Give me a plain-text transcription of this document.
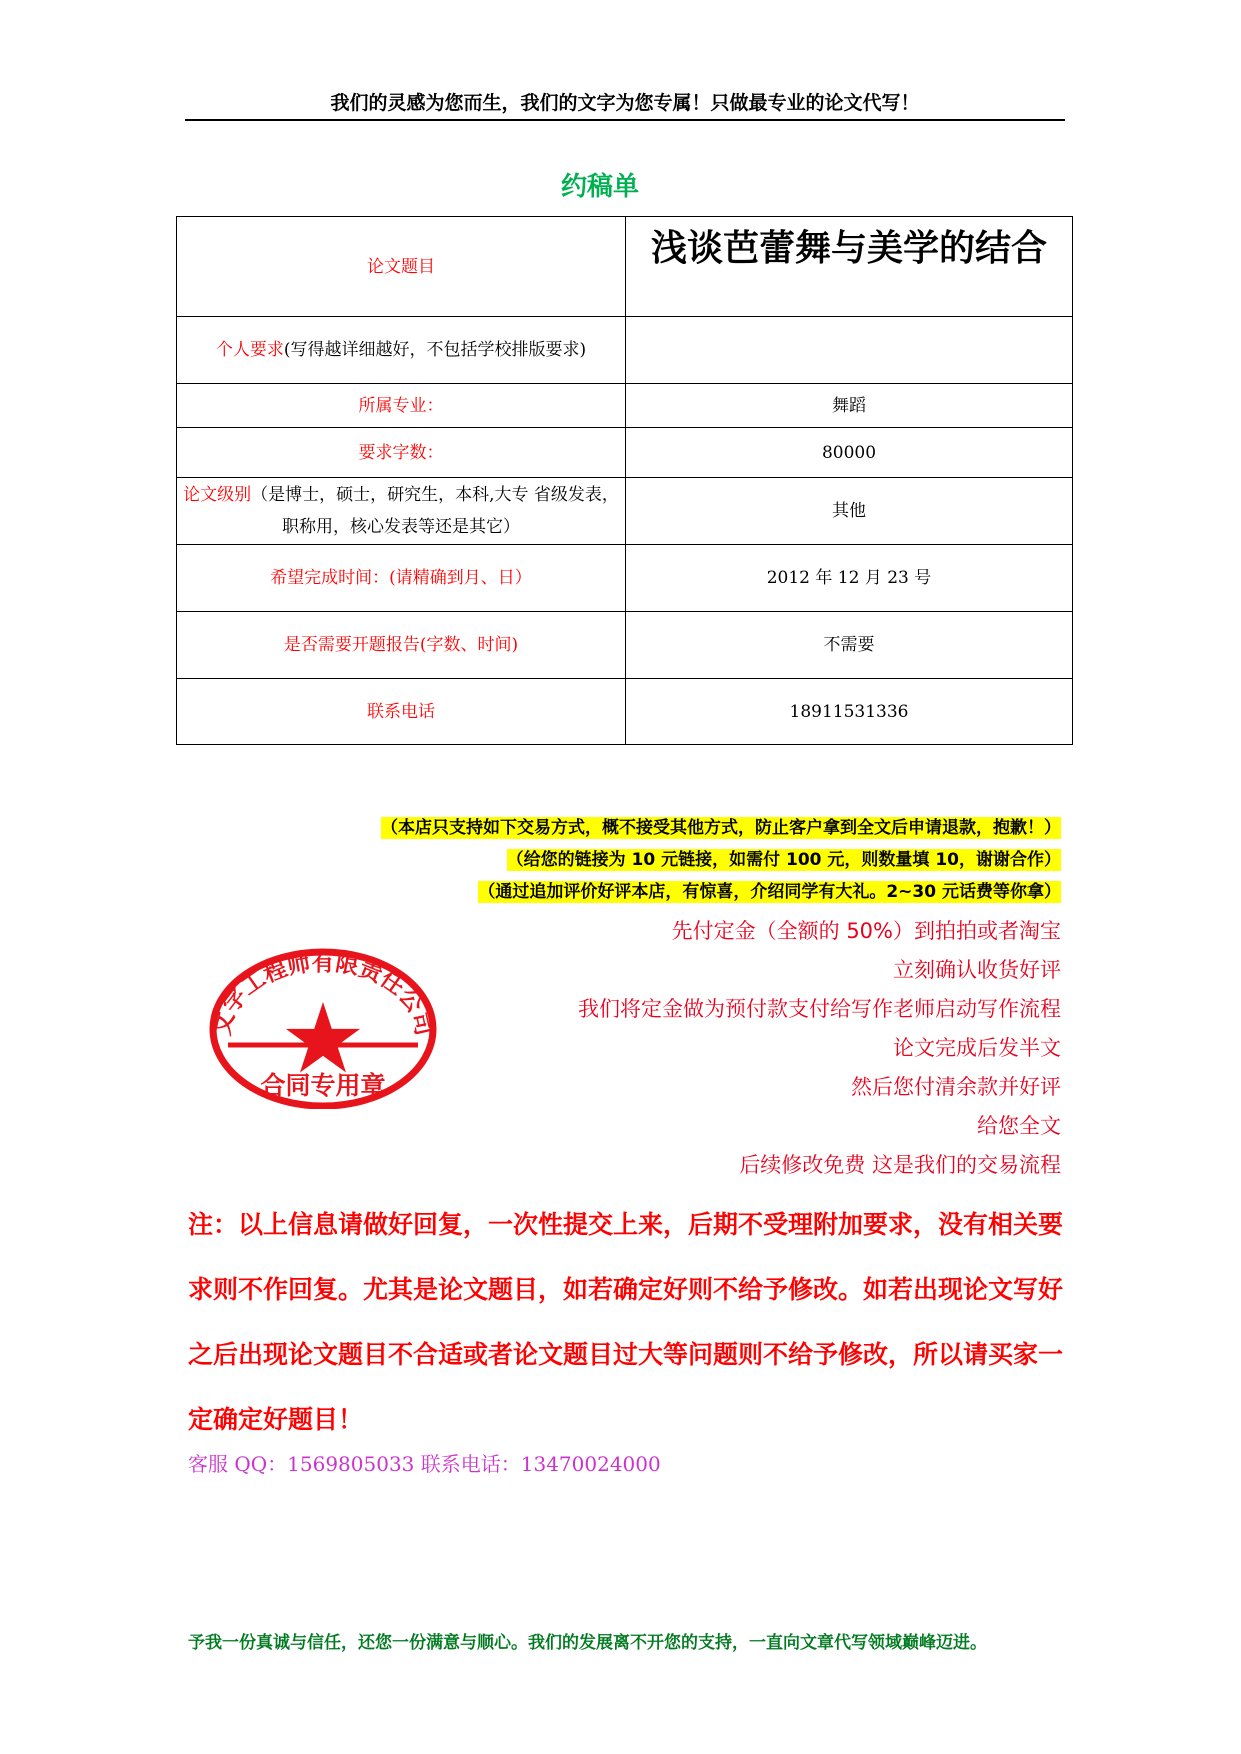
我们的灵感为您而生，我们的文字为您专属！只做最专业的论文代写！
约稿单
论文题目	浅谈芭蕾舞与美学的结合
个人要求(写得越详细越好，不包括学校排版要求)	
所属专业：	舞蹈
要求字数：	80000
论文级别（是博士，硕士，研究生，本科,大专 省级发表，职称用，核心发表等还是其它）	其他
希望完成时间：(请精确到月、日）	2012 年 12 月 23 号
是否需要开题报告(字数、时间)	不需要
联系电话	18911531336
（本店只支持如下交易方式，概不接受其他方式，防止客户拿到全文后申请退款，抱歉！）
（给您的链接为 10 元链接，如需付 100 元，则数量填 10，谢谢合作）
（通过追加评价好评本店，有惊喜，介绍同学有大礼。2~30 元话费等你拿）
先付定金（全额的 50%）到拍拍或者淘宝
立刻确认收货好评
我们将定金做为预付款支付给写作老师启动写作流程
论文完成后发半文
然后您付清余款并好评
给您全文
后续修改免费 这是我们的交易流程
文字工程师有限责任公司
合同专用章
注：以上信息请做好回复，一次性提交上来，后期不受理附加要求，没有相关要求则不作回复。尤其是论文题目，如若确定好则不给予修改。如若出现论文写好之后出现论文题目不合适或者论文题目过大等问题则不给予修改，所以请买家一定确定好题目！
客服 QQ：1569805033 联系电话：13470024000
予我一份真诚与信任，还您一份满意与顺心。我们的发展离不开您的支持，一直向文章代写领域巅峰迈进。
